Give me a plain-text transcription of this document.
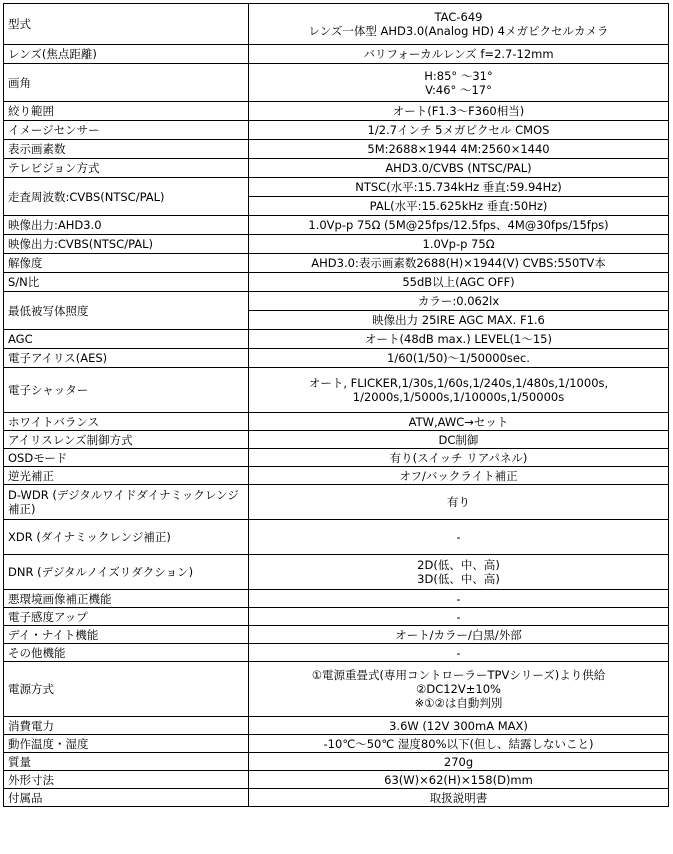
型式	TAC-649
レンズ一体型 AHD3.0(Analog HD) 4メガピクセルカメラ

レンズ(焦点距離)	バリフォーカルレンズ f=2.7-12mm
画角	H:85° ～31°
V:46° ～17°

絞り範囲	オート(F1.3～F360相当)
イメージセンサー	1/2.7インチ 5メガピクセル CMOS
表示画素数	5M:2688×1944 4M:2560×1440
テレビジョン方式	AHD3.0/CVBS (NTSC/PAL)
走査周波数:CVBS(NTSC/PAL)	NTSC(水平:15.734kHz 垂直:59.94Hz)
	PAL(水平:15.625kHz 垂直:50Hz)
映像出力:AHD3.0	1.0Vp-p 75Ω (5M@25fps/12.5fps、4M@30fps/15fps)
映像出力:CVBS(NTSC/PAL)	1.0Vp-p 75Ω
解像度	AHD3.0:表示画素数2688(H)×1944(V) CVBS:550TV本
S/N比	55dB以上(AGC OFF)
最低被写体照度	カラー:0.062lx
	映像出力 25IRE AGC MAX. F1.6
AGC	オート(48dB max.) LEVEL(1～15)
電子アイリス(AES)	1/60(1/50)～1/50000sec.
電子シャッター	オート, FLICKER,1/30s,1/60s,1/240s,1/480s,1/1000s,
1/2000s,1/5000s,1/10000s,1/50000s

ホワイトバランス	ATW,AWC→セット
アイリスレンズ制御方式	DC制御
OSDモード	有り(スイッチ リアパネル)
逆光補正	オフ/バックライト補正
D-WDR (デジタルワイドダイナミックレンジ補正)	有り
XDR (ダイナミックレンジ補正)	-
DNR (デジタルノイズリダクション)	2D(低、中、高)
3D(低、中、高)

悪環境画像補正機能	-
電子感度アップ	-
デイ・ナイト機能	オート/カラー/白黒/外部
その他機能	-
電源方式	①電源重畳式(専用コントローラーTPVシリーズ)より供給
②DC12V±10%
※①②は自動判別

消費電力	3.6W (12V 300mA MAX)
動作温度・湿度	-10℃～50℃ 湿度80%以下(但し、結露しないこと)
質量	270g
外形寸法	63(W)×62(H)×158(D)mm
付属品	取扱説明書
